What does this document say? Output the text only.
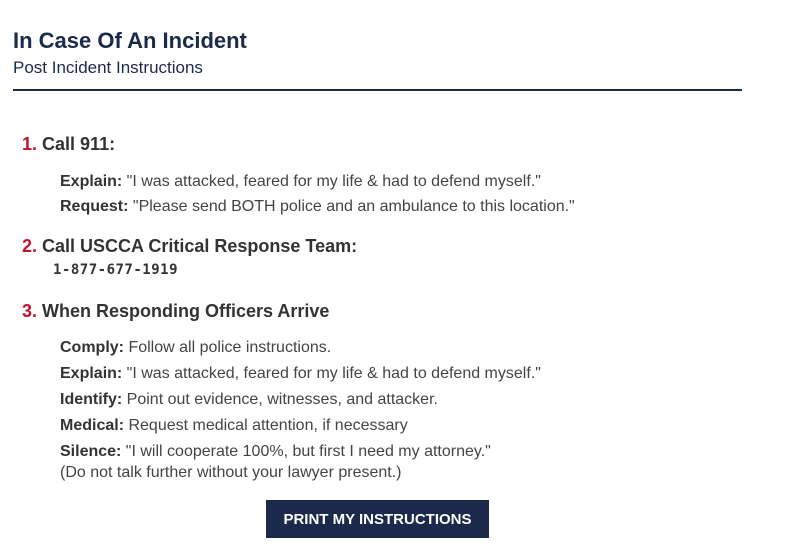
In Case Of An Incident
Post Incident Instructions
1. Call 911:
Explain: "I was attacked, feared for my life & had to defend myself."
Request: "Please send BOTH police and an ambulance to this location."
2. Call USCCA Critical Response Team:
1-877-677-1919
3. When Responding Officers Arrive
Comply: Follow all police instructions.
Explain: "I was attacked, feared for my life & had to defend myself."
Identify: Point out evidence, witnesses, and attacker.
Medical: Request medical attention, if necessary
Silence: "I will cooperate 100%, but first I need my attorney."
(Do not talk further without your lawyer present.)
PRINT MY INSTRUCTIONS
